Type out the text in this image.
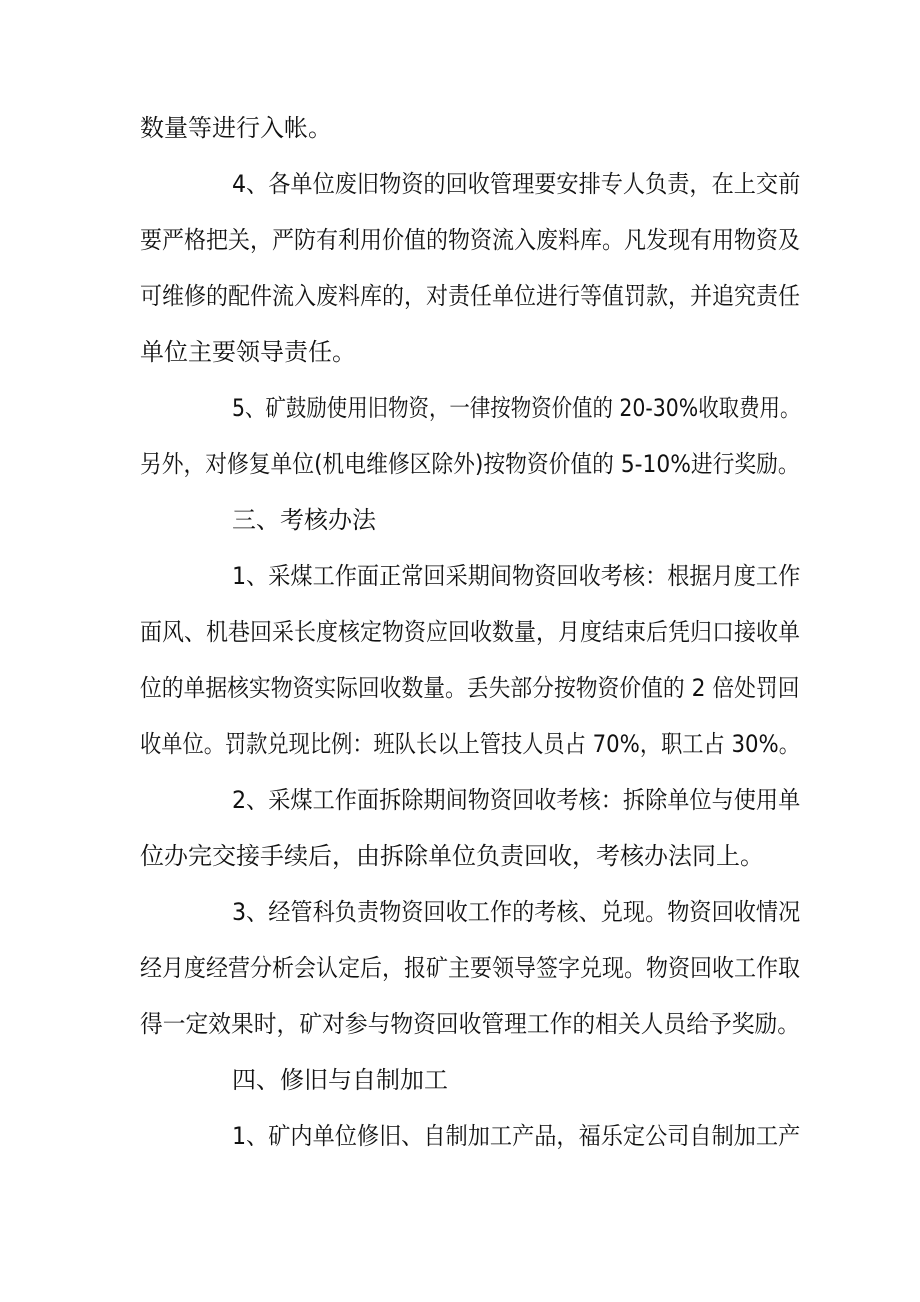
数量等进行入帐。
4、各单位废旧物资的回收管理要安排专人负责，在上交前
要严格把关，严防有利用价值的物资流入废料库。凡发现有用物资及
可维修的配件流入废料库的，对责任单位进行等值罚款，并追究责任
单位主要领导责任。
5、矿鼓励使用旧物资，一律按物资价值的 20-30%收取费用。
另外，对修复单位(机电维修区除外)按物资价值的 5-10%进行奖励。
三、考核办法
1、采煤工作面正常回采期间物资回收考核：根据月度工作
面风、机巷回采长度核定物资应回收数量，月度结束后凭归口接收单
位的单据核实物资实际回收数量。丢失部分按物资价值的 2 倍处罚回
收单位。罚款兑现比例：班队长以上管技人员占 70%，职工占 30%。
2、采煤工作面拆除期间物资回收考核：拆除单位与使用单
位办完交接手续后，由拆除单位负责回收，考核办法同上。
3、经管科负责物资回收工作的考核、兑现。物资回收情况
经月度经营分析会认定后，报矿主要领导签字兑现。物资回收工作取
得一定效果时，矿对参与物资回收管理工作的相关人员给予奖励。
四、修旧与自制加工
1、矿内单位修旧、自制加工产品，福乐定公司自制加工产
